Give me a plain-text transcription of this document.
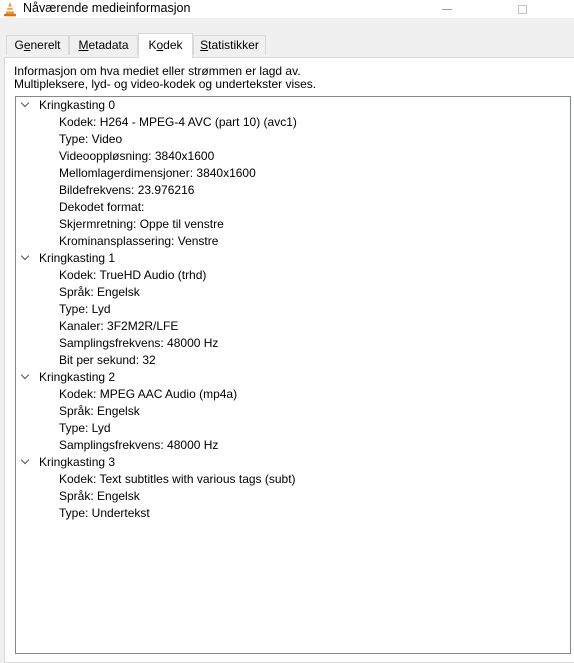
Nåværende medieinformasjon
Generelt	Metadata	Kodek	Statistikker
Informasjon om hva mediet eller strømmen er lagd av.
Multipleksere, lyd- og video-kodek og undertekster vises.
Kringkasting 0
Kodek: H264 - MPEG-4 AVC (part 10) (avc1)
Type: Video
Videooppløsning: 3840x1600
Mellomlagerdimensjoner: 3840x1600
Bildefrekvens: 23.976216
Dekodet format:
Skjermretning: Oppe til venstre
Krominansplassering: Venstre
Kringkasting 1
Kodek: TrueHD Audio (trhd)
Språk: Engelsk
Type: Lyd
Kanaler: 3F2M2R/LFE
Samplingsfrekvens: 48000 Hz
Bit per sekund: 32
Kringkasting 2
Kodek: MPEG AAC Audio (mp4a)
Språk: Engelsk
Type: Lyd
Samplingsfrekvens: 48000 Hz
Kringkasting 3
Kodek: Text subtitles with various tags (subt)
Språk: Engelsk
Type: Undertekst
